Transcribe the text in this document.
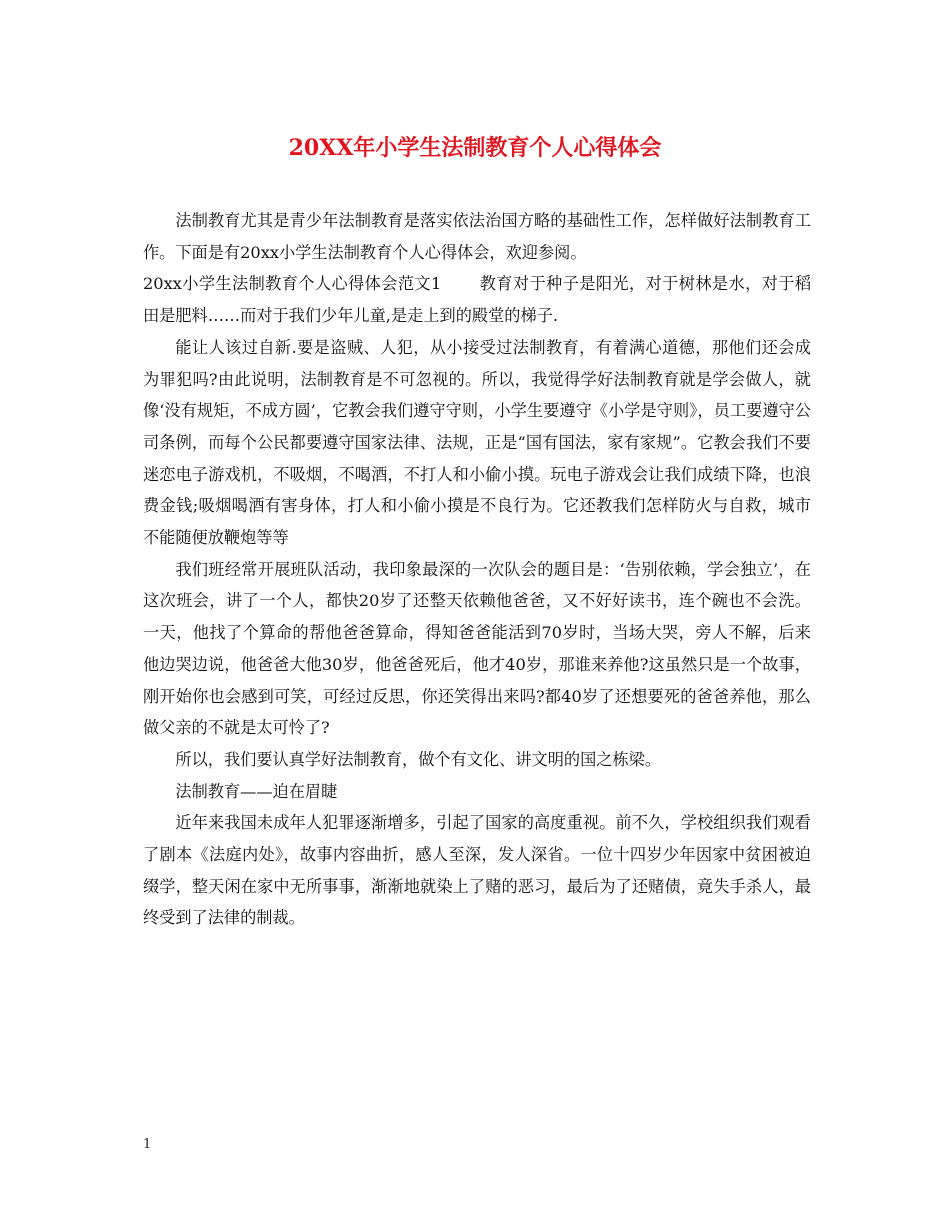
20XX年小学生法制教育个人心得体会

法制教育尤其是青少年法制教育是落实依法治国方略的基础性工作，怎样做好法制教育工作。下面是有20xx小学生法制教育个人心得体会，欢迎参阅。

20xx小学生法制教育个人心得体会范文1 教育对于种子是阳光，对于树林是水，对于稻田是肥料……而对于我们少年儿童,是走上到的殿堂的梯子.

能让人该过自新.要是盗贼、人犯，从小接受过法制教育，有着满心道德，那他们还会成为罪犯吗?由此说明，法制教育是不可忽视的。所以，我觉得学好法制教育就是学会做人，就像‘没有规矩，不成方圆’，它教会我们遵守守则，小学生要遵守《小学是守则》，员工要遵守公司条例，而每个公民都要遵守国家法律、法规，正是“国有国法，家有家规”。它教会我们不要迷恋电子游戏机，不吸烟，不喝酒，不打人和小偷小摸。玩电子游戏会让我们成绩下降，也浪费金钱;吸烟喝酒有害身体，打人和小偷小摸是不良行为。它还教我们怎样防火与自救，城市不能随便放鞭炮等等

我们班经常开展班队活动，我印象最深的一次队会的题目是：‘告别依赖，学会独立’，在这次班会，讲了一个人，都快20岁了还整天依赖他爸爸，又不好好读书，连个碗也不会洗。一天，他找了个算命的帮他爸爸算命，得知爸爸能活到70岁时，当场大哭，旁人不解，后来他边哭边说，他爸爸大他30岁，他爸爸死后，他才40岁，那谁来养他?这虽然只是一个故事，刚开始你也会感到可笑，可经过反思，你还笑得出来吗?都40岁了还想要死的爸爸养他，那么做父亲的不就是太可怜了?

所以，我们要认真学好法制教育，做个有文化、讲文明的国之栋梁。

法制教育——迫在眉睫

近年来我国未成年人犯罪逐渐增多，引起了国家的高度重视。前不久，学校组织我们观看了剧本《法庭内处》，故事内容曲折，感人至深，发人深省。一位十四岁少年因家中贫困被迫缀学，整天闲在家中无所事事，渐渐地就染上了赌的恶习，最后为了还赌债，竟失手杀人，最终受到了法律的制裁。

1
